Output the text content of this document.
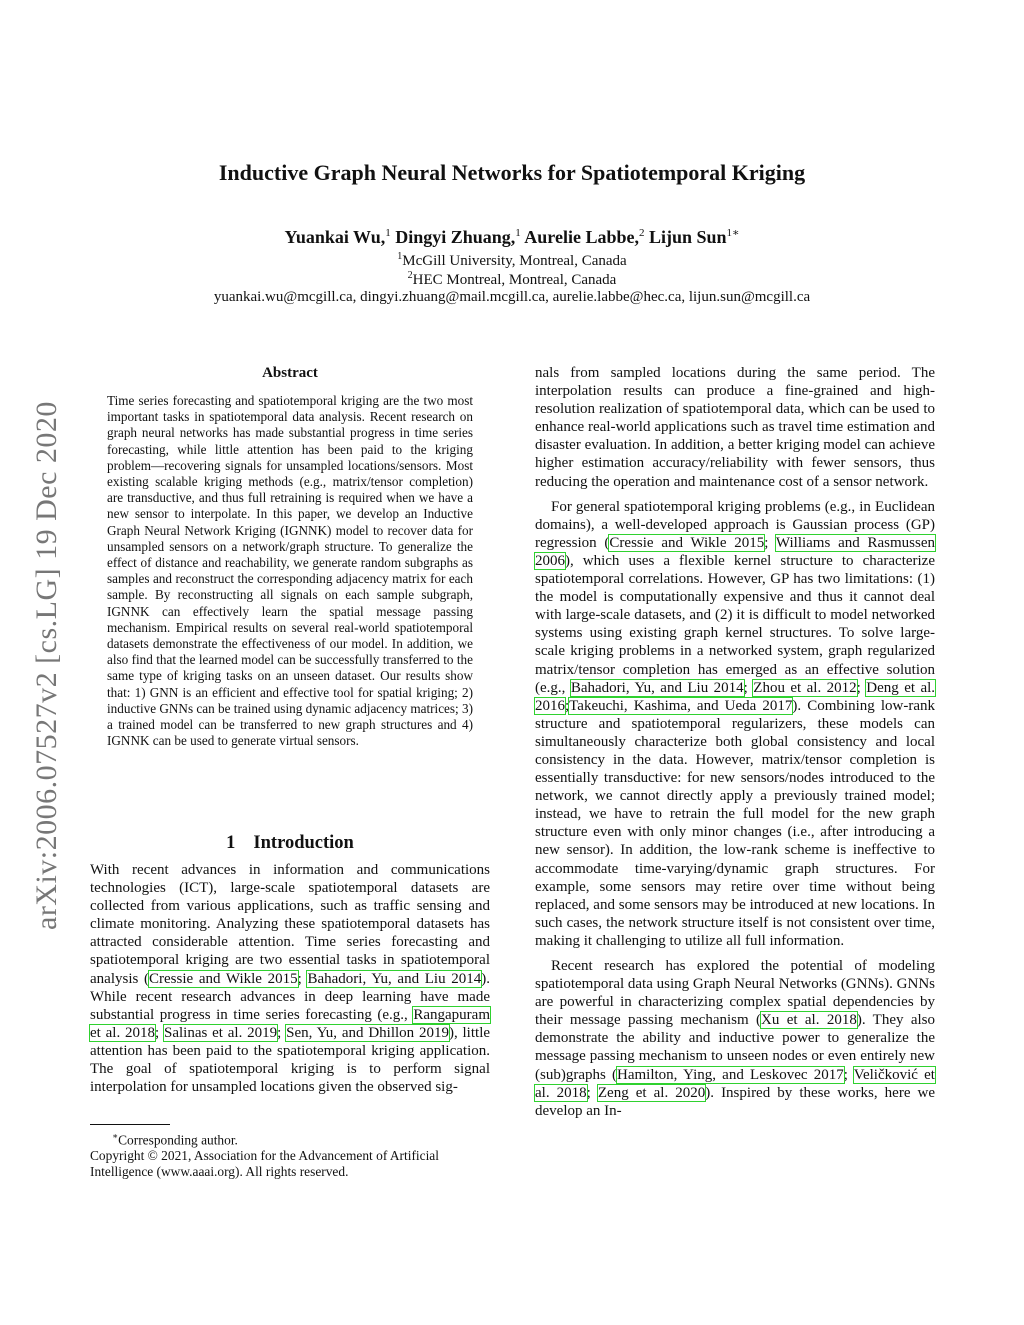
Inductive Graph Neural Networks for Spatiotemporal Kriging
Yuankai Wu,$^1$ Dingyi Zhuang,$^1$ Aurelie Labbe,$^2$ Lijun Sun$^{1∗}$
$^1$McGill University, Montreal, Canada
$^2$HEC Montreal, Montreal, Canada
yuankai.wu@mcgill.ca, dingyi.zhuang@mail.mcgill.ca, aurelie.labbe@hec.ca, lijun.sun@mcgill.ca
arXiv:2006.07527v2 [cs.LG] 19 Dec 2020
Abstract
Time series forecasting and spatiotemporal kriging are the two most important tasks in spatiotemporal data analysis. Recent research on graph neural networks has made substantial progress in time series forecasting, while little attention has been paid to the kriging problem—recovering signals for unsampled locations/sensors. Most existing scalable kriging methods (e.g., matrix/tensor completion) are transductive, and thus full retraining is required when we have a new sensor to interpolate. In this paper, we develop an Inductive Graph Neural Network Kriging (IGNNK) model to recover data for unsampled sensors on a network/graph structure. To generalize the effect of distance and reachability, we generate random subgraphs as samples and reconstruct the corresponding adjacency matrix for each sample. By reconstructing all signals on each sample subgraph, IGNNK can effectively learn the spatial message passing mechanism. Empirical results on several real-world spatiotemporal datasets demonstrate the effectiveness of our model. In addition, we also find that the learned model can be successfully transferred to the same type of kriging tasks on an unseen dataset. Our results show that: 1) GNN is an efficient and effective tool for spatial kriging; 2) inductive GNNs can be trained using dynamic adjacency matrices; 3) a trained model can be transferred to new graph structures and 4) IGNNK can be used to generate virtual sensors.
1 Introduction
With recent advances in information and communications technologies (ICT), large-scale spatiotemporal datasets are collected from various applications, such as traffic sensing and climate monitoring. Analyzing these spatiotemporal datasets has attracted considerable attention. Time series forecasting and spatiotemporal kriging are two essential tasks in spatiotemporal analysis (Cressie and Wikle 2015; Bahadori, Yu, and Liu 2014). While recent research advances in deep learning have made substantial progress in time series forecasting (e.g., Rangapuram et al. 2018; Salinas et al. 2019; Sen, Yu, and Dhillon 2019), little attention has been paid to the spatiotemporal kriging application. The goal of spatiotemporal kriging is to perform signal interpolation for unsampled locations given the observed sig-
∗Corresponding author.
Copyright © 2021, Association for the Advancement of Artificial Intelligence (www.aaai.org). All rights reserved.

nals from sampled locations during the same period. The interpolation results can produce a fine-grained and high-resolution realization of spatiotemporal data, which can be used to enhance real-world applications such as travel time estimation and disaster evaluation. In addition, a better kriging model can achieve higher estimation accuracy/reliability with fewer sensors, thus reducing the operation and maintenance cost of a sensor network.

For general spatiotemporal kriging problems (e.g., in Euclidean domains), a well-developed approach is Gaussian process (GP) regression (Cressie and Wikle 2015; Williams and Rasmussen 2006), which uses a flexible kernel structure to characterize spatiotemporal correlations. However, GP has two limitations: (1) the model is computationally expensive and thus it cannot deal with large-scale datasets, and (2) it is difficult to model networked systems using existing graph kernel structures. To solve large-scale kriging problems in a networked system, graph regularized matrix/tensor completion has emerged as an effective solution (e.g., Bahadori, Yu, and Liu 2014; Zhou et al. 2012; Deng et al. 2016;Takeuchi, Kashima, and Ueda 2017). Combining low-rank structure and spatiotemporal regularizers, these models can simultaneously characterize both global consistency and local consistency in the data. However, matrix/tensor completion is essentially transductive: for new sensors/nodes introduced to the network, we cannot directly apply a previously trained model; instead, we have to retrain the full model for the new graph structure even with only minor changes (i.e., after introducing a new sensor). In addition, the low-rank scheme is ineffective to accommodate time-varying/dynamic graph structures. For example, some sensors may retire over time without being replaced, and some sensors may be introduced at new locations. In such cases, the network structure itself is not consistent over time, making it challenging to utilize all full information.

Recent research has explored the potential of modeling spatiotemporal data using Graph Neural Networks (GNNs). GNNs are powerful in characterizing complex spatial dependencies by their message passing mechanism (Xu et al. 2018). They also demonstrate the ability and inductive power to generalize the message passing mechanism to unseen nodes or even entirely new (sub)graphs (Hamilton, Ying, and Leskovec 2017; Veličković et al. 2018; Zeng et al. 2020). Inspired by these works, here we develop an In-
